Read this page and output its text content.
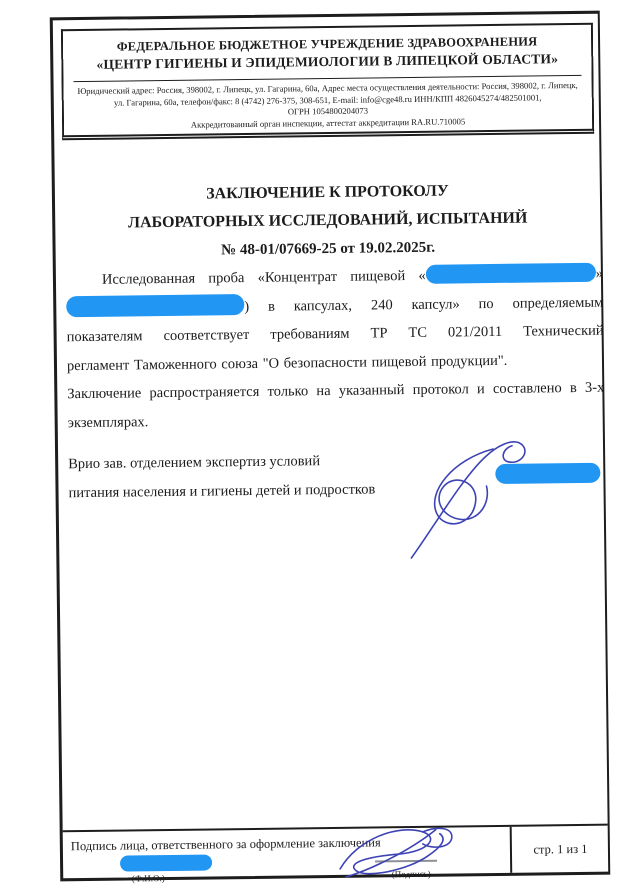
ФЕДЕРАЛЬНОЕ БЮДЖЕТНОЕ УЧРЕЖДЕНИЕ ЗДРАВООХРАНЕНИЯ
«ЦЕНТР ГИГИЕНЫ И ЭПИДЕМИОЛОГИИ В ЛИПЕЦКОЙ ОБЛАСТИ»
Юридический адрес: Россия, 398002, г. Липецк, ул. Гагарина, 60а, Адрес места осуществления деятельности: Россия, 398002, г. Липецк,
ул. Гагарина, 60а, телефон/факс: 8 (4742) 276-375, 308-651, E-mail: info@cge48.ru ИНН/КПП 4826045274/482501001,
ОГРН 1054800204073
Аккредитованный орган инспекции, аттестат аккредитации RA.RU.710005
ЗАКЛЮЧЕНИЕ К ПРОТОКОЛУ
ЛАБОРАТОРНЫХ ИССЛЕДОВАНИЙ, ИСПЫТАНИЙ
№ 48-01/07669-25 от 19.02.2025г.
Исследованная проба «Концентрат пищевой «	»
) в капсулах, 240 капсул» по определяемым
показателям соответствует требованиям ТР ТС 021/2011 Технический
регламент Таможенного союза "О безопасности пищевой продукции".
Заключение распространяется только на указанный протокол и составлено в 3-х
экземплярах.
Врио зав. отделением экспертиз условий
питания населения и гигиены детей и подростков
Подпись лица, ответственного за оформление заключения
(Ф.И.О.)	(Подпись)
стр. 1 из 1
